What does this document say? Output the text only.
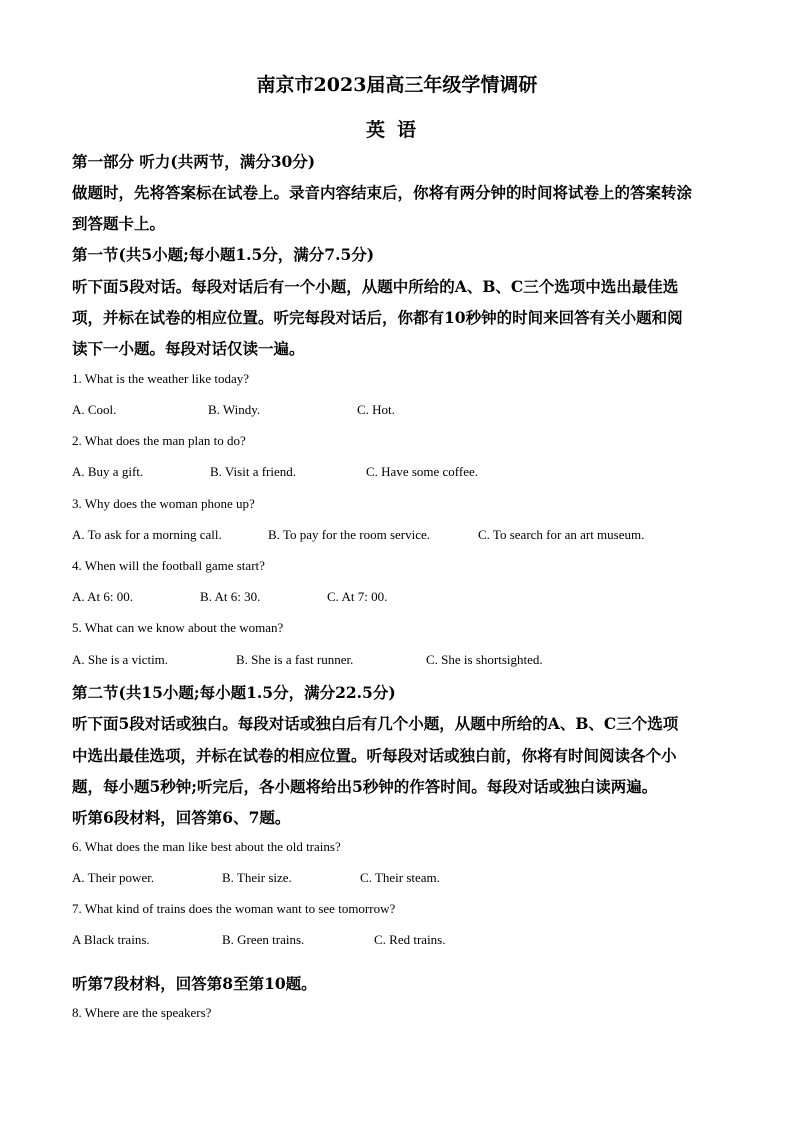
南京市2023届高三年级学情调研
英语
第一部分 听力(共两节，满分30分)
做题时，先将答案标在试卷上。录音内容结束后，你将有两分钟的时间将试卷上的答案转涂
到答题卡上。
第一节(共5小题;每小题1.5分，满分7.5分)
听下面5段对话。每段对话后有一个小题，从题中所给的A、B、C三个选项中选出最佳选
项，并标在试卷的相应位置。听完每段对话后，你都有10秒钟的时间来回答有关小题和阅
读下一小题。每段对话仅读一遍。
1. What is the weather like today?
A. Cool.	B. Windy.	C. Hot.
2. What does the man plan to do?
A. Buy a gift.	B. Visit a friend.	C. Have some coffee.
3. Why does the woman phone up?
A. To ask for a morning call.	B. To pay for the room service.	C. To search for an art museum.
4. When will the football game start?
A. At 6: 00.	B. At 6: 30.	C. At 7: 00.
5. What can we know about the woman?
A. She is a victim.	B. She is a fast runner.	C. She is shortsighted.
第二节(共15小题;每小题1.5分，满分22.5分)
听下面5段对话或独白。每段对话或独白后有几个小题，从题中所给的A、B、C三个选项
中选出最佳选项，并标在试卷的相应位置。听每段对话或独白前，你将有时间阅读各个小
题，每小题5秒钟;听完后，各小题将给出5秒钟的作答时间。每段对话或独白读两遍。
听第6段材料，回答第6、7题。
6. What does the man like best about the old trains?
A. Their power.	B. Their size.	C. Their steam.
7. What kind of trains does the woman want to see tomorrow?
A Black trains.	B. Green trains.	C. Red trains.
听第7段材料，回答第8至第10题。
8. Where are the speakers?
